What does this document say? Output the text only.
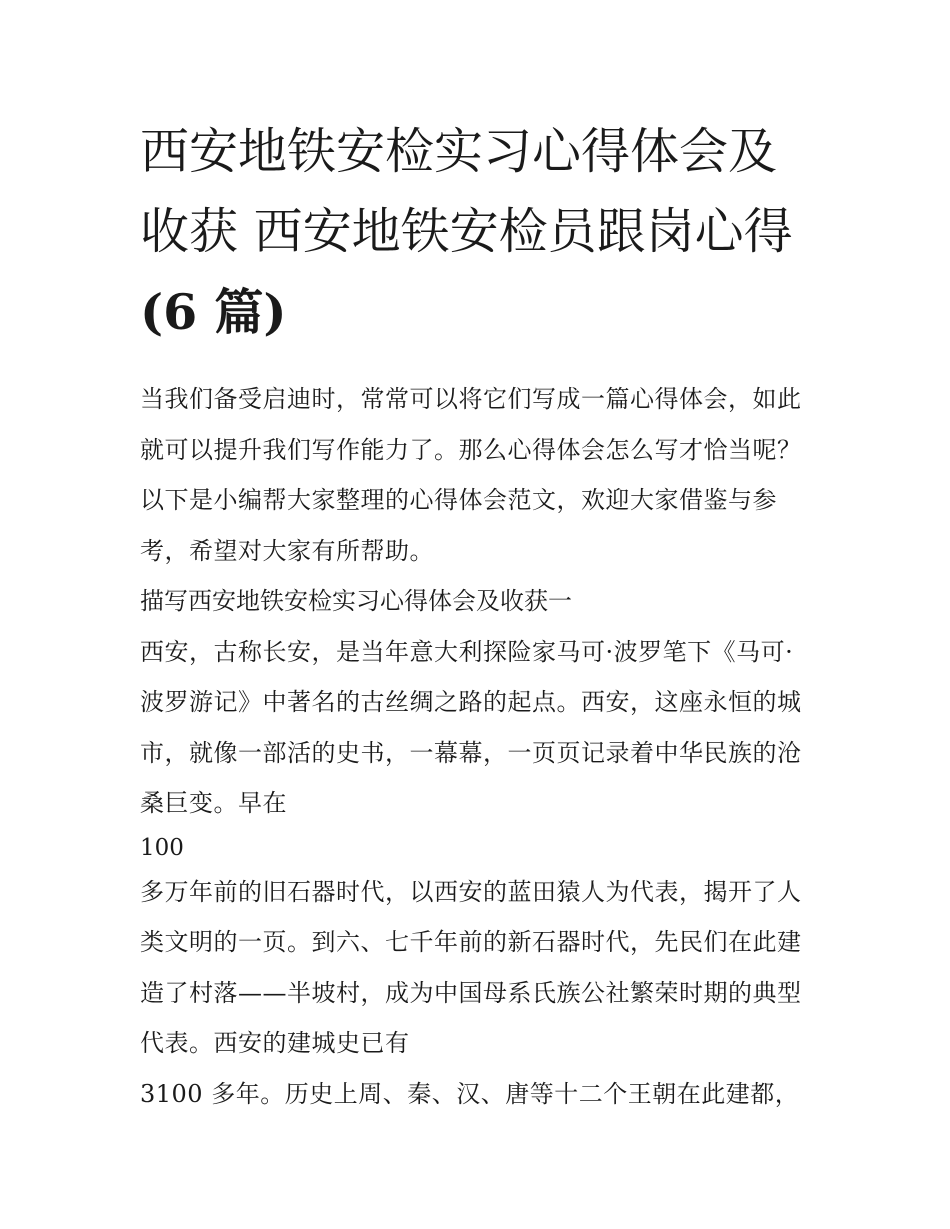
西安地铁安检实习心得体会及
收获 西安地铁安检员跟岗心得
(6 篇)

当我们备受启迪时，常常可以将它们写成一篇心得体会，如此
就可以提升我们写作能力了。那么心得体会怎么写才恰当呢？
以下是小编帮大家整理的心得体会范文，欢迎大家借鉴与参
考，希望对大家有所帮助。

描写西安地铁安检实习心得体会及收获一

西安，古称长安，是当年意大利探险家马可·波罗笔下《马可·
波罗游记》中著名的古丝绸之路的起点。西安，这座永恒的城
市，就像一部活的史书，一幕幕，一页页记录着中华民族的沧
桑巨变。早在

100

多万年前的旧石器时代，以西安的蓝田猿人为代表，揭开了人
类文明的一页。到六、七千年前的新石器时代，先民们在此建
造了村落——半坡村，成为中国母系氏族公社繁荣时期的典型
代表。西安的建城史已有

3100 多年。历史上周、秦、汉、唐等十二个王朝在此建都，
